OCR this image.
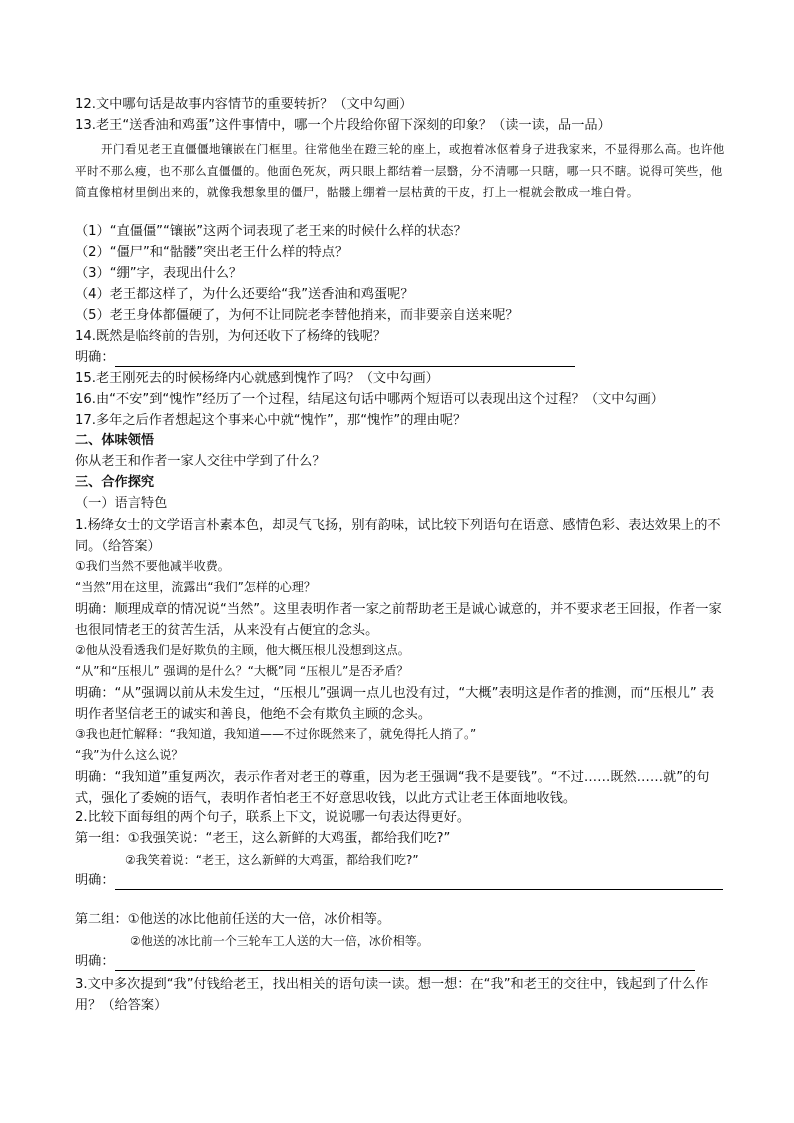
12.文中哪句话是故事内容情节的重要转折？（文中勾画）
13.老王“送香油和鸡蛋”这件事情中，哪一个片段给你留下深刻的印象？（读一读，品一品）
开门看见老王直僵僵地镶嵌在门框里。往常他坐在蹬三轮的座上，或抱着冰伛着身子进我家来，不显得那么高。也许他平时不那么瘦，也不那么直僵僵的。他面色死灰，两只眼上都结着一层翳，分不清哪一只瞎，哪一只不瞎。说得可笑些，他简直像棺材里倒出来的，就像我想象里的僵尸，骷髅上绷着一层枯黄的干皮，打上一棍就会散成一堆白骨。
（1）“直僵僵”“镶嵌”这两个词表现了老王来的时候什么样的状态？
（2）“僵尸”和“骷髅”突出老王什么样的特点？
（3）“绷”字，表现出什么？
（4）老王都这样了，为什么还要给“我”送香油和鸡蛋呢？
（5）老王身体都僵硬了，为何不让同院老李替他捎来，而非要亲自送来呢？
14.既然是临终前的告别，为何还收下了杨绛的钱呢？
明确：
15.老王刚死去的时候杨绛内心就感到愧怍了吗？（文中勾画）
16.由“不安”到“愧怍”经历了一个过程，结尾这句话中哪两个短语可以表现出这个过程？（文中勾画）
17.多年之后作者想起这个事来心中就“愧怍”，那“愧怍”的理由呢？
二、体味领悟
你从老王和作者一家人交往中学到了什么？
三、合作探究
（一）语言特色
1.杨绛女士的文学语言朴素本色，却灵气飞扬，别有韵味，试比较下列语句在语意、感情色彩、表达效果上的不同。（给答案）
①我们当然不要他减半收费。
“当然”用在这里，流露出“我们”怎样的心理？
明确：顺理成章的情况说“当然”。这里表明作者一家之前帮助老王是诚心诚意的，并不要求老王回报，作者一家也很同情老王的贫苦生活，从来没有占便宜的念头。
②他从没看透我们是好欺负的主顾，他大概压根儿没想到这点。
“从”和“压根儿” 强调的是什么？“大概”同 “压根儿”是否矛盾？
明确：“从”强调以前从未发生过，“压根儿”强调一点儿也没有过，“大概”表明这是作者的推测，而“压根儿” 表明作者坚信老王的诚实和善良，他绝不会有欺负主顾的念头。
③我也赶忙解释：“我知道，我知道——不过你既然来了，就免得托人捎了。”
“我”为什么这么说？
明确：“我知道”重复两次，表示作者对老王的尊重，因为老王强调“我不是要钱”。“不过……既然……就”的句式，强化了委婉的语气，表明作者怕老王不好意思收钱，以此方式让老王体面地收钱。
2.比较下面每组的两个句子，联系上下文，说说哪一句表达得更好。
第一组：①我强笑说：“老王，这么新鲜的大鸡蛋，都给我们吃?”
②我笑着说：“老王，这么新鲜的大鸡蛋，都给我们吃?”
明确：
第二组：①他送的冰比他前任送的大一倍，冰价相等。
②他送的冰比前一个三轮车工人送的大一倍，冰价相等。
明确：
3.文中多次提到“我”付钱给老王，找出相关的语句读一读。想一想：在“我”和老王的交往中，钱起到了什么作用？（给答案）
